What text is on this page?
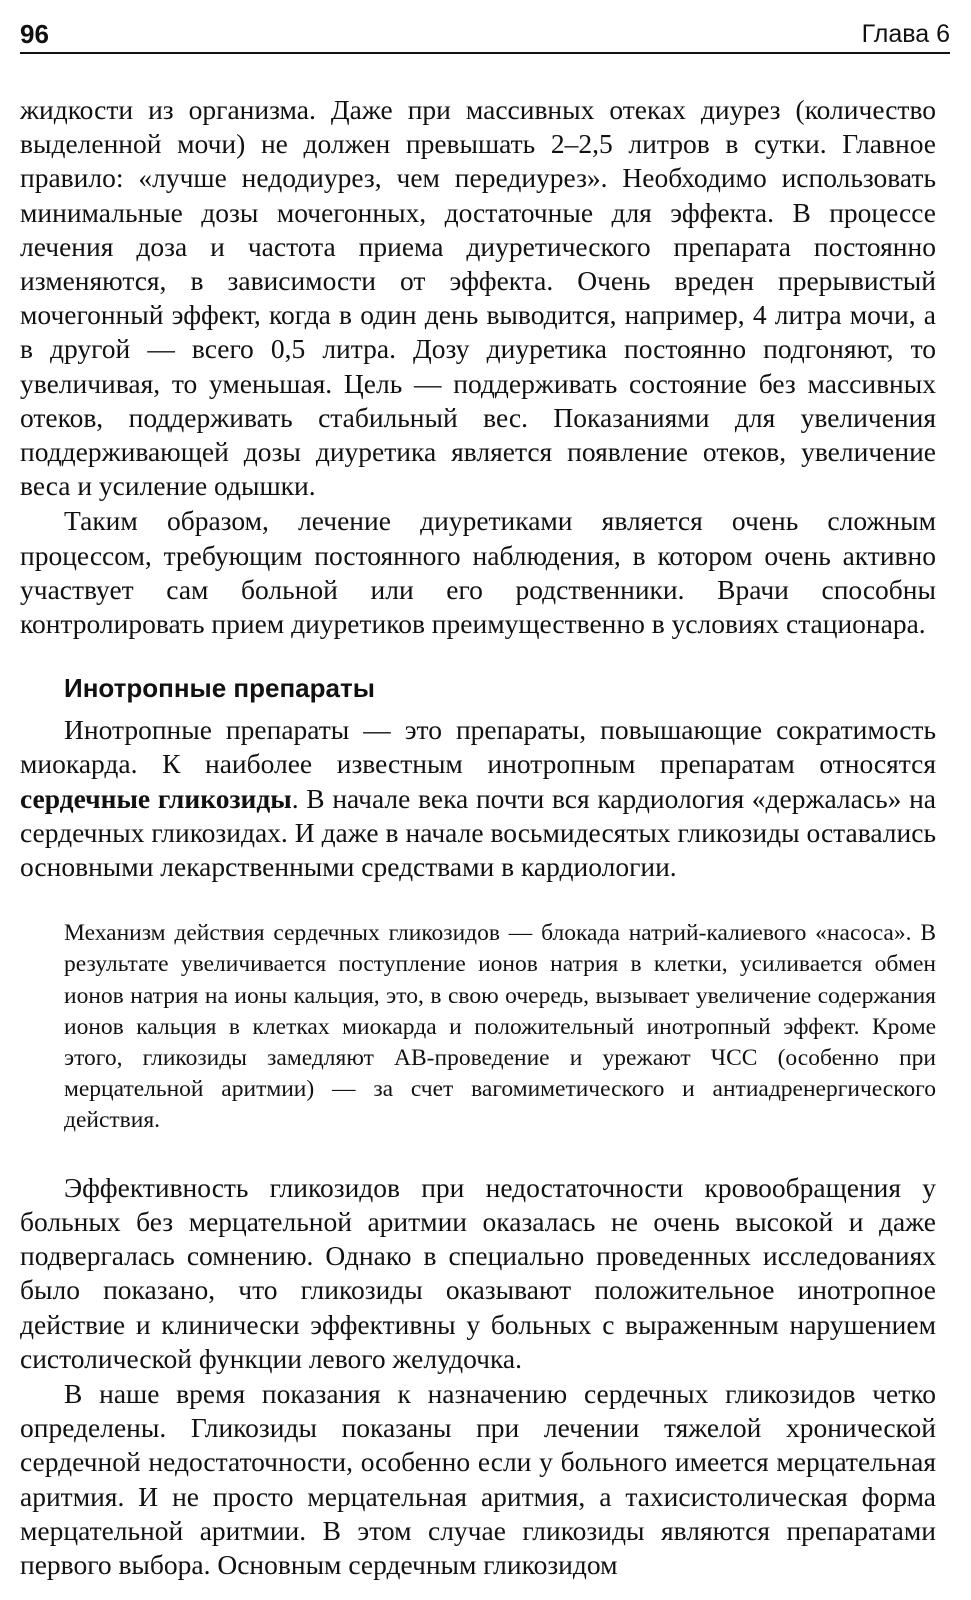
96	Глава 6

жидкости из организма. Даже при массивных отеках диурез (количество выделенной мочи) не должен превышать 2–2,5 литров в сутки. Главное правило: «лучше недодиурез, чем передиурез». Необходимо использовать минимальные дозы мочегонных, достаточные для эффекта. В процессе лечения доза и частота приема диуретического препарата постоянно изменяются, в зависимости от эффекта. Очень вреден прерывистый мочегонный эффект, когда в один день выводится, например, 4 литра мочи, а в другой — всего 0,5 литра. Дозу диуретика постоянно подгоняют, то увеличивая, то уменьшая. Цель — поддерживать состояние без массивных отеков, поддерживать стабильный вес. Показаниями для увеличения поддерживающей дозы диуретика является появление отеков, увеличение веса и усиление одышки.

Таким образом, лечение диуретиками является очень сложным процессом, требующим постоянного наблюдения, в котором очень активно участвует сам больной или его родственники. Врачи способны контролировать прием диуретиков преимущественно в условиях стационара.

Инотропные препараты

Инотропные препараты — это препараты, повышающие сократимость миокарда. К наиболее известным инотропным препаратам относятся сердечные гликозиды. В начале века почти вся кардиология «держалась» на сердечных гликозидах. И даже в начале восьмидесятых гликозиды оставались основными лекарственными средствами в кардиологии.

Механизм действия сердечных гликозидов — блокада натрий-калиевого «насоса». В результате увеличивается поступление ионов натрия в клетки, усиливается обмен ионов натрия на ионы кальция, это, в свою очередь, вызывает увеличение содержания ионов кальция в клетках миокарда и положительный инотропный эффект. Кроме этого, гликозиды замедляют АВ-проведение и урежают ЧСС (особенно при мерцательной аритмии) — за счет вагомиметического и антиадренергического действия.

Эффективность гликозидов при недостаточности кровообращения у больных без мерцательной аритмии оказалась не очень высокой и даже подвергалась сомнению. Однако в специально проведенных исследованиях было показано, что гликозиды оказывают положительное инотропное действие и клинически эффективны у больных с выраженным нарушением систолической функции левого желудочка.

В наше время показания к назначению сердечных гликозидов четко определены. Гликозиды показаны при лечении тяжелой хронической сердечной недостаточности, особенно если у больного имеется мерцательная аритмия. И не просто мерцательная аритмия, а тахисистолическая форма мерцательной аритмии. В этом случае гликозиды являются препаратами первого выбора. Основным сердечным гликозидом
